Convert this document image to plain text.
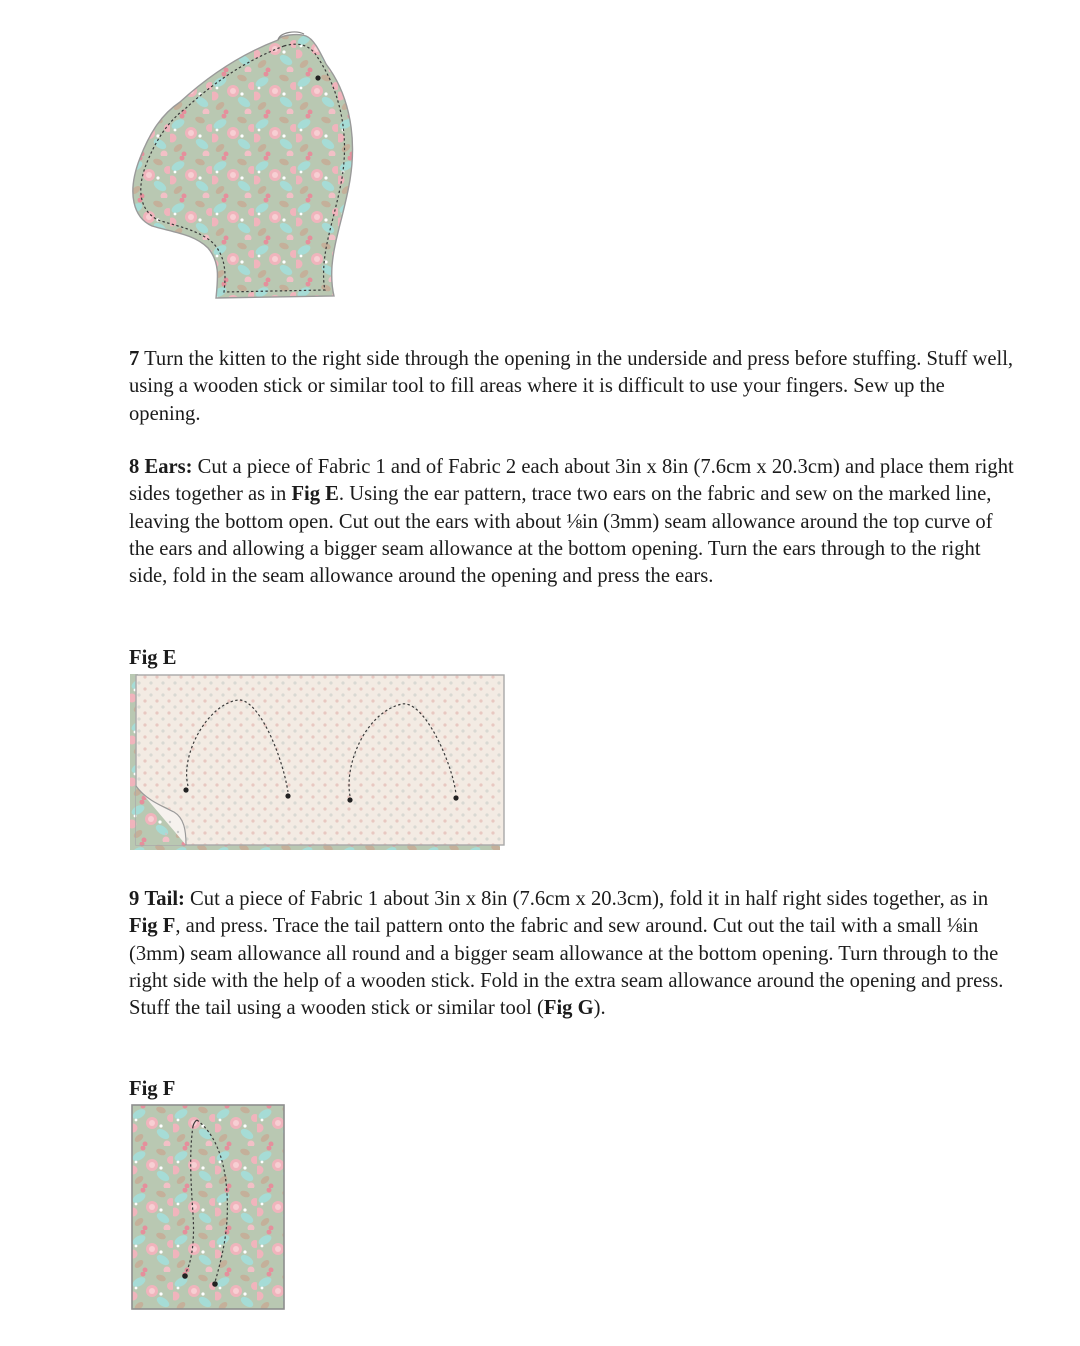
7 Turn the kitten to the right side through the opening in the underside and press before stuffing. Stuff well, using a wooden stick or similar tool to fill areas where it is difficult to use your fingers. Sew up the opening.

8 Ears: Cut a piece of Fabric 1 and of Fabric 2 each about 3in x 8in (7.6cm x 20.3cm) and place them right sides together as in Fig E. Using the ear pattern, trace two ears on the fabric and sew on the marked line, leaving the bottom open. Cut out the ears with about ⅛in (3mm) seam allowance around the top curve of the ears and allowing a bigger seam allowance at the bottom opening. Turn the ears through to the right side, fold in the seam allowance around the opening and press the ears.

Fig E

9 Tail: Cut a piece of Fabric 1 about 3in x 8in (7.6cm x 20.3cm), fold it in half right sides together, as in Fig F, and press. Trace the tail pattern onto the fabric and sew around. Cut out the tail with a small ⅛in (3mm) seam allowance all round and a bigger seam allowance at the bottom opening. Turn through to the right side with the help of a wooden stick. Fold in the extra seam allowance around the opening and press. Stuff the tail using a wooden stick or similar tool (Fig G).

Fig F
